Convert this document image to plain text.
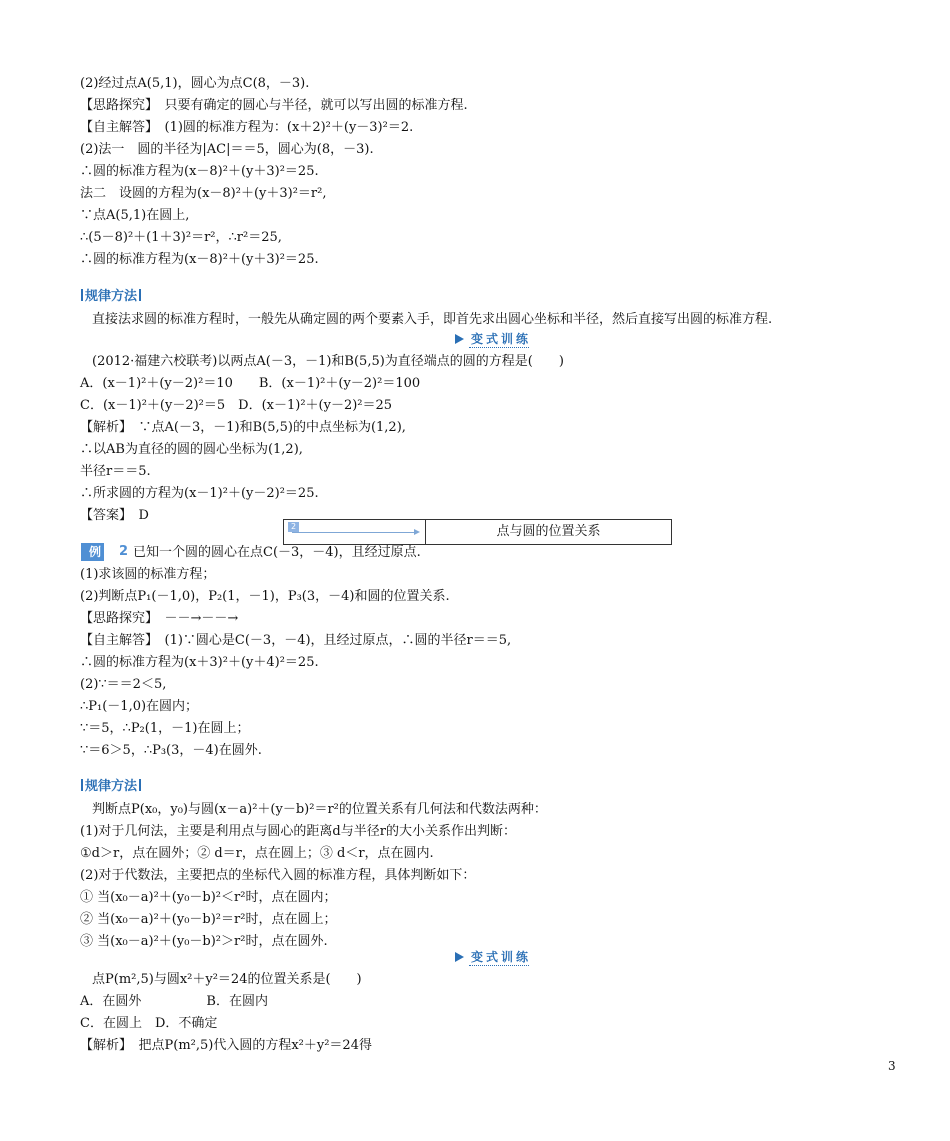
(2)经过点A(5,1)，圆心为点C(8，－3).
【思路探究】　只要有确定的圆心与半径，就可以写出圆的标准方程.
【自主解答】　(1)圆的标准方程为：(x＋2)²＋(y－3)²＝2.
(2)法一　圆的半径为|AC|＝＝5，圆心为(8，－3).
∴圆的标准方程为(x－8)²＋(y＋3)²＝25.
法二　设圆的方程为(x－8)²＋(y＋3)²＝r²,
∵点A(5,1)在圆上,
∴(5－8)²＋(1＋3)²＝r²，∴r²＝25,
∴圆的标准方程为(x－8)²＋(y＋3)²＝25.
规律方法
直接法求圆的标准方程时，一般先从确定圆的两个要素入手，即首先求出圆心坐标和半径，然后直接写出圆的标准方程.
变式训练
(2012·福建六校联考)以两点A(－3，－1)和B(5,5)为直径端点的圆的方程是(　　)
A．(x－1)²＋(y－2)²＝10　　B．(x－1)²＋(y－2)²＝100
C．(x－1)²＋(y－2)²＝5　D．(x－1)²＋(y－2)²＝25
【解析】　∵点A(－3，－1)和B(5,5)的中点坐标为(1,2),
∴以AB为直径的圆的圆心坐标为(1,2),
半径r＝＝5.
∴所求圆的方程为(x－1)²＋(y－2)²＝25.
【答案】　D
2	点与圆的位置关系
例 2 已知一个圆的圆心在点C(－3，－4)，且经过原点.
(1)求该圆的标准方程；
(2)判断点P₁(－1,0)，P₂(1，－1)，P₃(3，－4)和圆的位置关系.
【思路探究】　－－→－－→
【自主解答】　(1)∵圆心是C(－3，－4)，且经过原点，∴圆的半径r＝＝5,
∴圆的标准方程为(x＋3)²＋(y＋4)²＝25.
(2)∵＝＝2＜5,
∴P₁(－1,0)在圆内；
∵＝5，∴P₂(1，－1)在圆上；
∵＝6＞5，∴P₃(3，－4)在圆外.
规律方法
判断点P(x₀，y₀)与圆(x－a)²＋(y－b)²＝r²的位置关系有几何法和代数法两种：
(1)对于几何法，主要是利用点与圆心的距离d与半径r的大小关系作出判断：
①d＞r，点在圆外；② d＝r，点在圆上；③ d＜r，点在圆内.
(2)对于代数法，主要把点的坐标代入圆的标准方程，具体判断如下：
① 当(x₀－a)²＋(y₀－b)²＜r²时，点在圆内；
② 当(x₀－a)²＋(y₀－b)²＝r²时，点在圆上；
③ 当(x₀－a)²＋(y₀－b)²＞r²时，点在圆外.
变式训练
点P(m²,5)与圆x²＋y²＝24的位置关系是(　　)
A．在圆外　　　　　B．在圆内
C．在圆上　D．不确定
【解析】　把点P(m²,5)代入圆的方程x²＋y²＝24得
3
